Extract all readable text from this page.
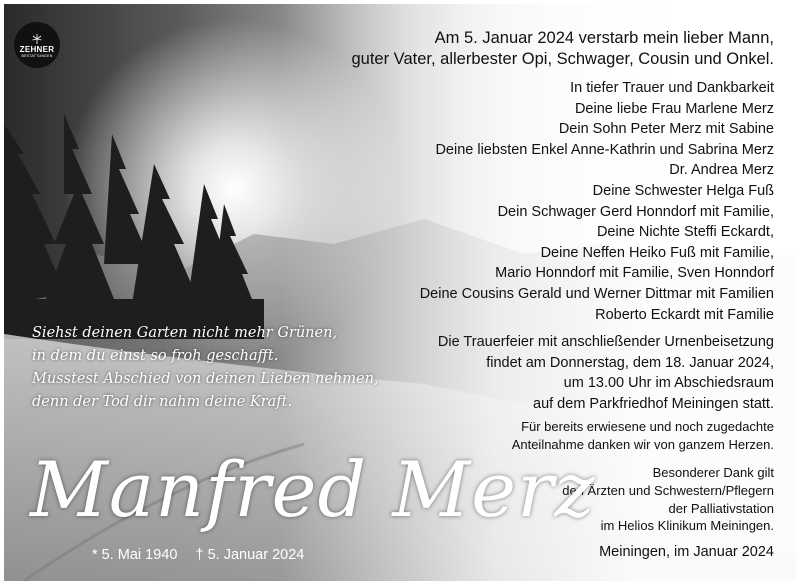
ZEHNER
BESTATTUNGEN
Am 5. Januar 2024 verstarb mein lieber Mann,
guter Vater, allerbester Opi, Schwager, Cousin und Onkel.
In tiefer Trauer und Dankbarkeit
Deine liebe Frau Marlene Merz
Dein Sohn Peter Merz mit Sabine
Deine liebsten Enkel Anne-Kathrin und Sabrina Merz
Dr. Andrea Merz
Deine Schwester Helga Fuß
Dein Schwager Gerd Honndorf mit Familie,
Deine Nichte Steffi Eckardt,
Deine Neffen Heiko Fuß mit Familie,
Mario Honndorf mit Familie, Sven Honndorf
Deine Cousins Gerald und Werner Dittmar mit Familien
Roberto Eckardt mit Familie
Die Trauerfeier mit anschließender Urnenbeisetzung
findet am Donnerstag, dem 18. Januar 2024,
um 13.00 Uhr im Abschiedsraum
auf dem Parkfriedhof Meiningen statt.
Für bereits erwiesene und noch zugedachte
Anteilnahme danken wir von ganzem Herzen.
Besonderer Dank gilt
den Ärzten und Schwestern/Pflegern
der Palliativstation
im Helios Klinikum Meiningen.
Meiningen, im Januar 2024
Siehst deinen Garten nicht mehr Grünen,
in dem du einst so froh geschafft.
Musstest Abschied von deinen Lieben nehmen,
denn der Tod dir nahm deine Kraft.
Manfred Merz
* 5. Mai 1940 † 5. Januar 2024
